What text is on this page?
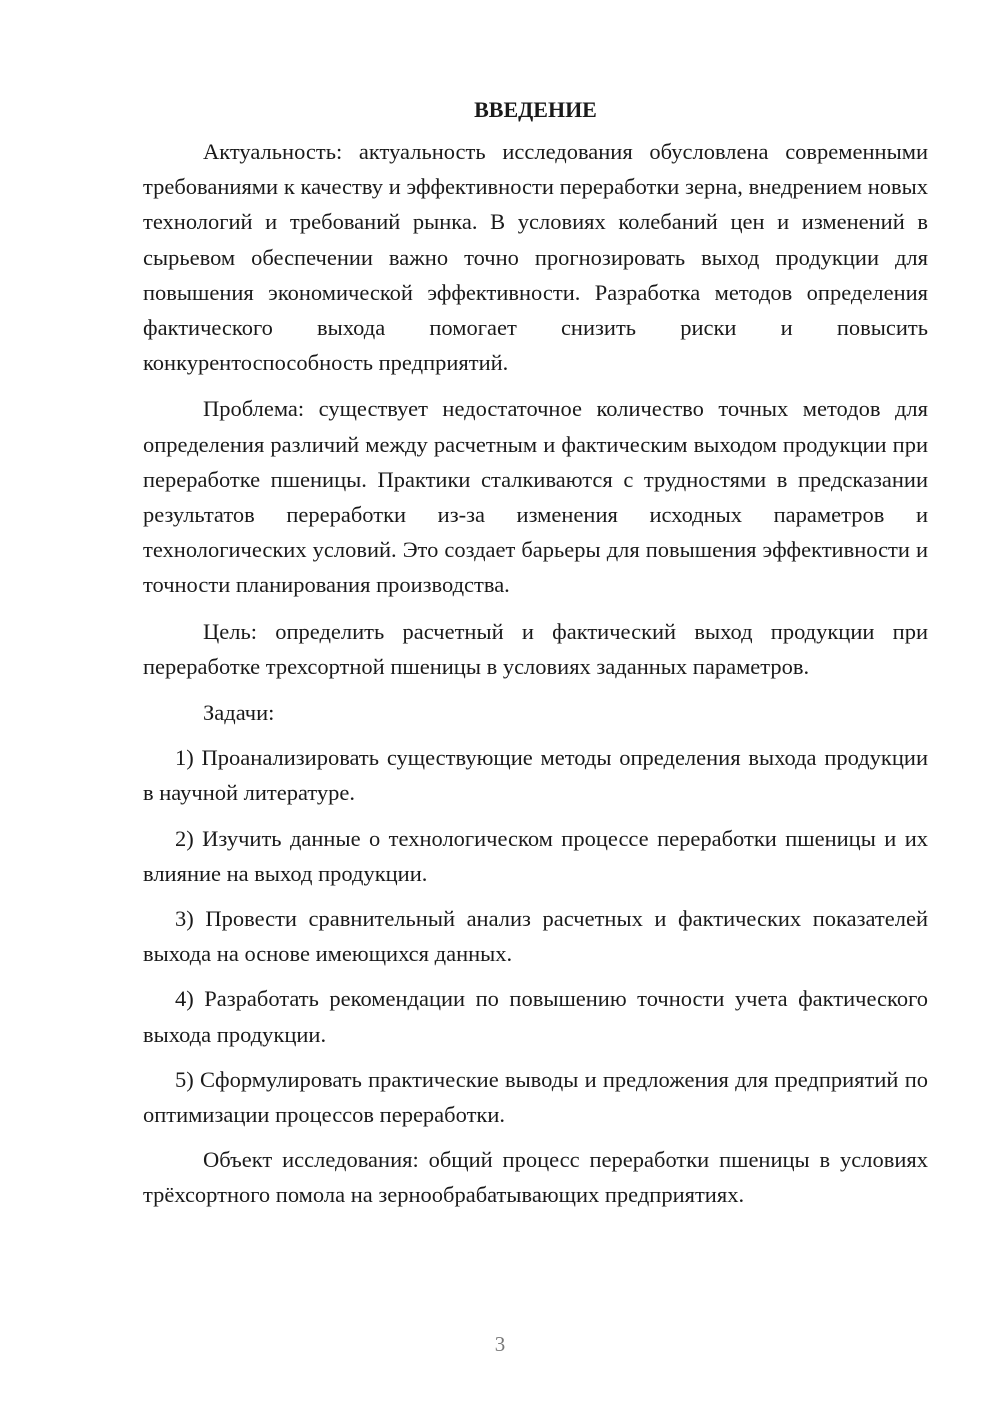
ВВЕДЕНИЕ

Актуальность: актуальность исследования обусловлена современными требованиями к качеству и эффективности переработки зерна, внедрением новых технологий и требований рынка. В условиях колебаний цен и изменений в сырьевом обеспечении важно точно прогнозировать выход продукции для повышения экономической эффективности. Разработка методов определения фактического выхода помогает снизить риски и повысить конкурентоспособность предприятий.

Проблема: существует недостаточное количество точных методов для определения различий между расчетным и фактическим выходом продукции при переработке пшеницы. Практики сталкиваются с трудностями в предсказании результатов переработки из-за изменения исходных параметров и технологических условий. Это создает барьеры для повышения эффективности и точности планирования производства.

Цель: определить расчетный и фактический выход продукции при переработке трехсортной пшеницы в условиях заданных параметров.

Задачи:

1) Проанализировать существующие методы определения выхода продукции в научной литературе.

2) Изучить данные о технологическом процессе переработки пшеницы и их влияние на выход продукции.

3) Провести сравнительный анализ расчетных и фактических показателей выхода на основе имеющихся данных.

4) Разработать рекомендации по повышению точности учета фактического выхода продукции.

5) Сформулировать практические выводы и предложения для предприятий по оптимизации процессов переработки.

Объект исследования: общий процесс переработки пшеницы в условиях трёхсортного помола на зернообрабатывающих предприятиях.

3
